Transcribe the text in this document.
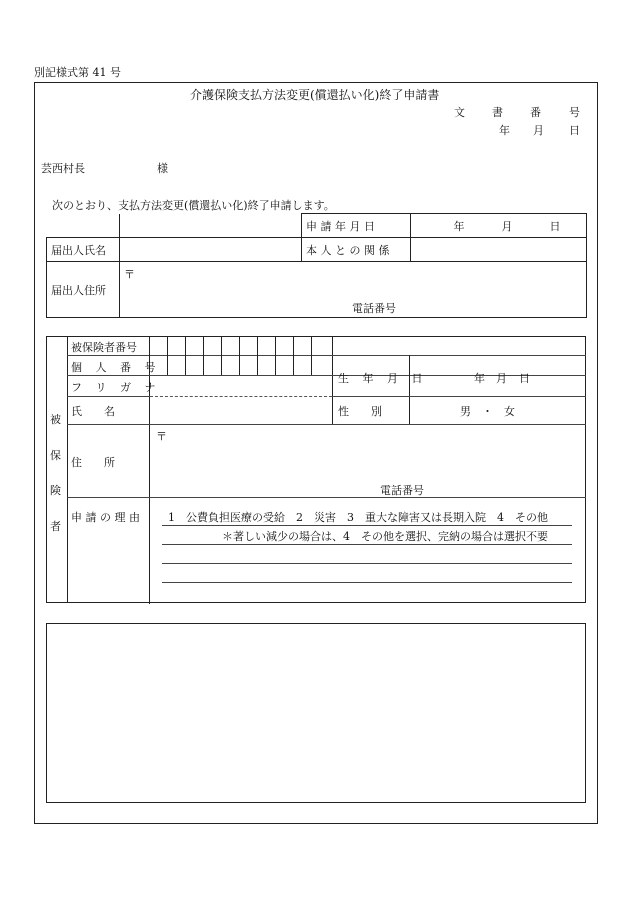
別記様式第 41 号
介護保険支払方法変更(償還払い化)終了申請書
文 書 番	号
年 月 日
芸西村長	様
次のとおり、支払方法変更(償還払い化)終了申請します。
		申 請 年 月 日	年 月 日
届出人氏名		本 人 と の 関 係	
届出人住所	〒
電話番号		
被
保
険
者
被保険者番号
個 人 番 号
フ リ ガ ナ
生 年 月 日	年 月 日
氏　　名	性　　別	男　・　女
住　　所
〒
電話番号
申 請 の 理 由	1　公費負担医療の受給　2　災害　3　重大な障害又は長期入院　4　その他
＊著しい減少の場合は、4　その他を選択、完納の場合は選択不要
